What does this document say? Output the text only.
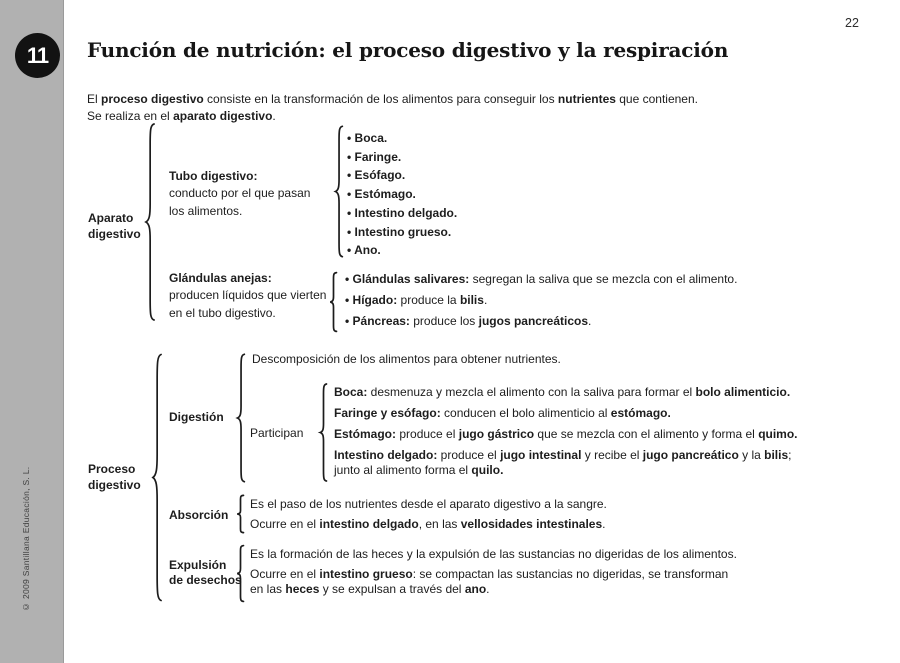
11
© 2009 Santillana Educación, S. L.
22
Función de nutrición: el proceso digestivo y la respiración

El proceso digestivo consiste en la transformación de los alimentos para conseguir los nutrientes que contienen.
Se realiza en el aparato digestivo.

Aparato
digestivo
Tubo digestivo:
conducto por el que pasan
los alimentos.
• Boca.
• Faringe.
• Esófago.
• Estómago.
• Intestino delgado.
• Intestino grueso.
• Ano.
Glándulas anejas:
producen líquidos que vierten
en el tubo digestivo.
• Glándulas salivares: segregan la saliva que se mezcla con el alimento.
• Hígado: produce la bilis.
• Páncreas: produce los jugos pancreáticos.
Proceso
digestivo
Digestión
Descomposición de los alimentos para obtener nutrientes.
Participan
Boca: desmenuza y mezcla el alimento con la saliva para formar el bolo alimenticio.
Faringe y esófago: conducen el bolo alimenticio al estómago.
Estómago: produce el jugo gástrico que se mezcla con el alimento y forma el quimo.
Intestino delgado: produce el jugo intestinal y recibe el jugo pancreático y la bilis;
junto al alimento forma el quilo.
Absorción
Es el paso de los nutrientes desde el aparato digestivo a la sangre.
Ocurre en el intestino delgado, en las vellosidades intestinales.
Expulsión
de desechos
Es la formación de las heces y la expulsión de las sustancias no digeridas de los alimentos.
Ocurre en el intestino grueso: se compactan las sustancias no digeridas, se transforman
en las heces y se expulsan a través del ano.
